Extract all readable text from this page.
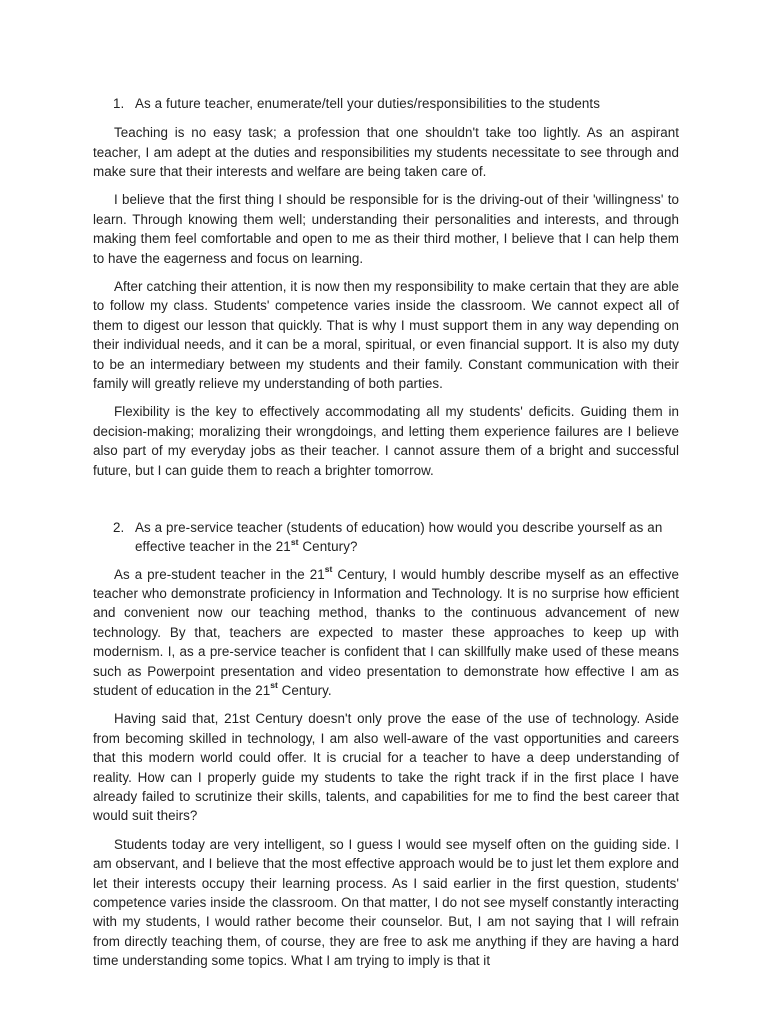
1. As a future teacher, enumerate/tell your duties/responsibilities to the students

Teaching is no easy task; a profession that one shouldn't take too lightly. As an aspirant teacher, I am adept at the duties and responsibilities my students necessitate to see through and make sure that their interests and welfare are being taken care of.

I believe that the first thing I should be responsible for is the driving-out of their 'willingness' to learn. Through knowing them well; understanding their personalities and interests, and through making them feel comfortable and open to me as their third mother, I believe that I can help them to have the eagerness and focus on learning.

After catching their attention, it is now then my responsibility to make certain that they are able to follow my class. Students' competence varies inside the classroom. We cannot expect all of them to digest our lesson that quickly. That is why I must support them in any way depending on their individual needs, and it can be a moral, spiritual, or even financial support. It is also my duty to be an intermediary between my students and their family. Constant communication with their family will greatly relieve my understanding of both parties.

Flexibility is the key to effectively accommodating all my students' deficits. Guiding them in decision-making; moralizing their wrongdoings, and letting them experience failures are I believe also part of my everyday jobs as their teacher. I cannot assure them of a bright and successful future, but I can guide them to reach a brighter tomorrow.

2. As a pre-service teacher (students of education) how would you describe yourself as an effective teacher in the 21st Century?

As a pre-student teacher in the 21st Century, I would humbly describe myself as an effective teacher who demonstrate proficiency in Information and Technology. It is no surprise how efficient and convenient now our teaching method, thanks to the continuous advancement of new technology. By that, teachers are expected to master these approaches to keep up with modernism. I, as a pre-service teacher is confident that I can skillfully make used of these means such as Powerpoint presentation and video presentation to demonstrate how effective I am as student of education in the 21st Century.

Having said that, 21st Century doesn't only prove the ease of the use of technology. Aside from becoming skilled in technology, I am also well-aware of the vast opportunities and careers that this modern world could offer. It is crucial for a teacher to have a deep understanding of reality. How can I properly guide my students to take the right track if in the first place I have already failed to scrutinize their skills, talents, and capabilities for me to find the best career that would suit theirs?

Students today are very intelligent, so I guess I would see myself often on the guiding side. I am observant, and I believe that the most effective approach would be to just let them explore and let their interests occupy their learning process. As I said earlier in the first question, students' competence varies inside the classroom. On that matter, I do not see myself constantly interacting with my students, I would rather become their counselor. But, I am not saying that I will refrain from directly teaching them, of course, they are free to ask me anything if they are having a hard time understanding some topics. What I am trying to imply is that it
